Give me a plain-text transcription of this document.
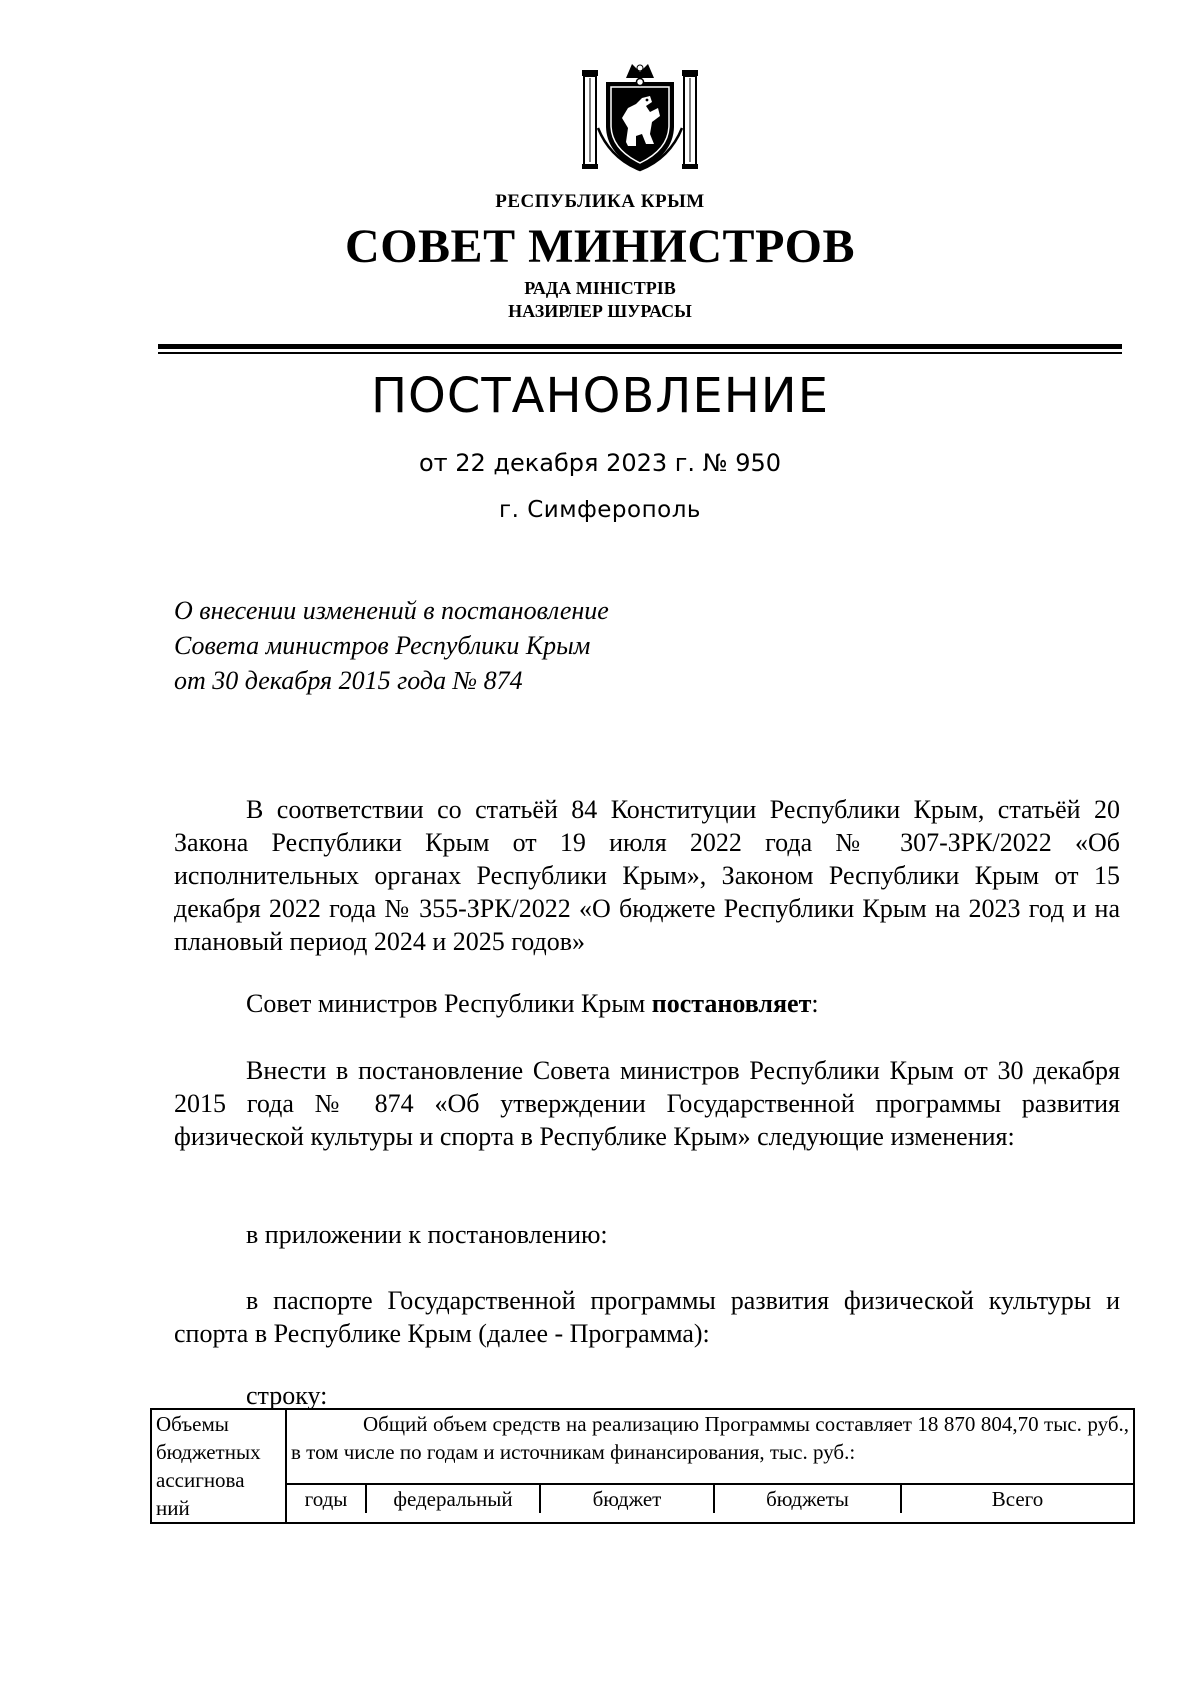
РЕСПУБЛИКА КРЫМ
СОВЕТ МИНИСТРОВ
РАДА МІНІСТРІВ
НАЗИРЛЕР ШУРАСЫ
ПОСТАНОВЛЕНИЕ
от 22 декабря 2023 г. № 950
г. Симферополь
О внесении изменений в постановление
Совета министров Республики Крым
от 30 декабря 2015 года № 874
В соответствии со статьёй 84 Конституции Республики Крым, статьёй 20 Закона Республики Крым от 19 июля 2022 года № 307-ЗРК/2022 «Об исполнительных органах Республики Крым», Законом Республики Крым от 15 декабря 2022 года № 355-ЗРК/2022 «О бюджете Республики Крым на 2023 год и на плановый период 2024 и 2025 годов»
Совет министров Республики Крым постановляет:
Внести в постановление Совета министров Республики Крым от 30 декабря 2015 года № 874 «Об утверждении Государственной программы развития физической культуры и спорта в Республике Крым» следующие изменения:
в приложении к постановлению:
в паспорте Государственной программы развития физической культуры и спорта в Республике Крым (далее - Программа):
строку:
Объемы
бюджетных
ассигнова
ний
	Общий объем средств на реализацию Программы составляет 18 870 804,70 тыс. руб., в том числе по годам и источникам финансирования, тыс. руб.:

годы	федеральный	бюджет	бюджеты	Всего
